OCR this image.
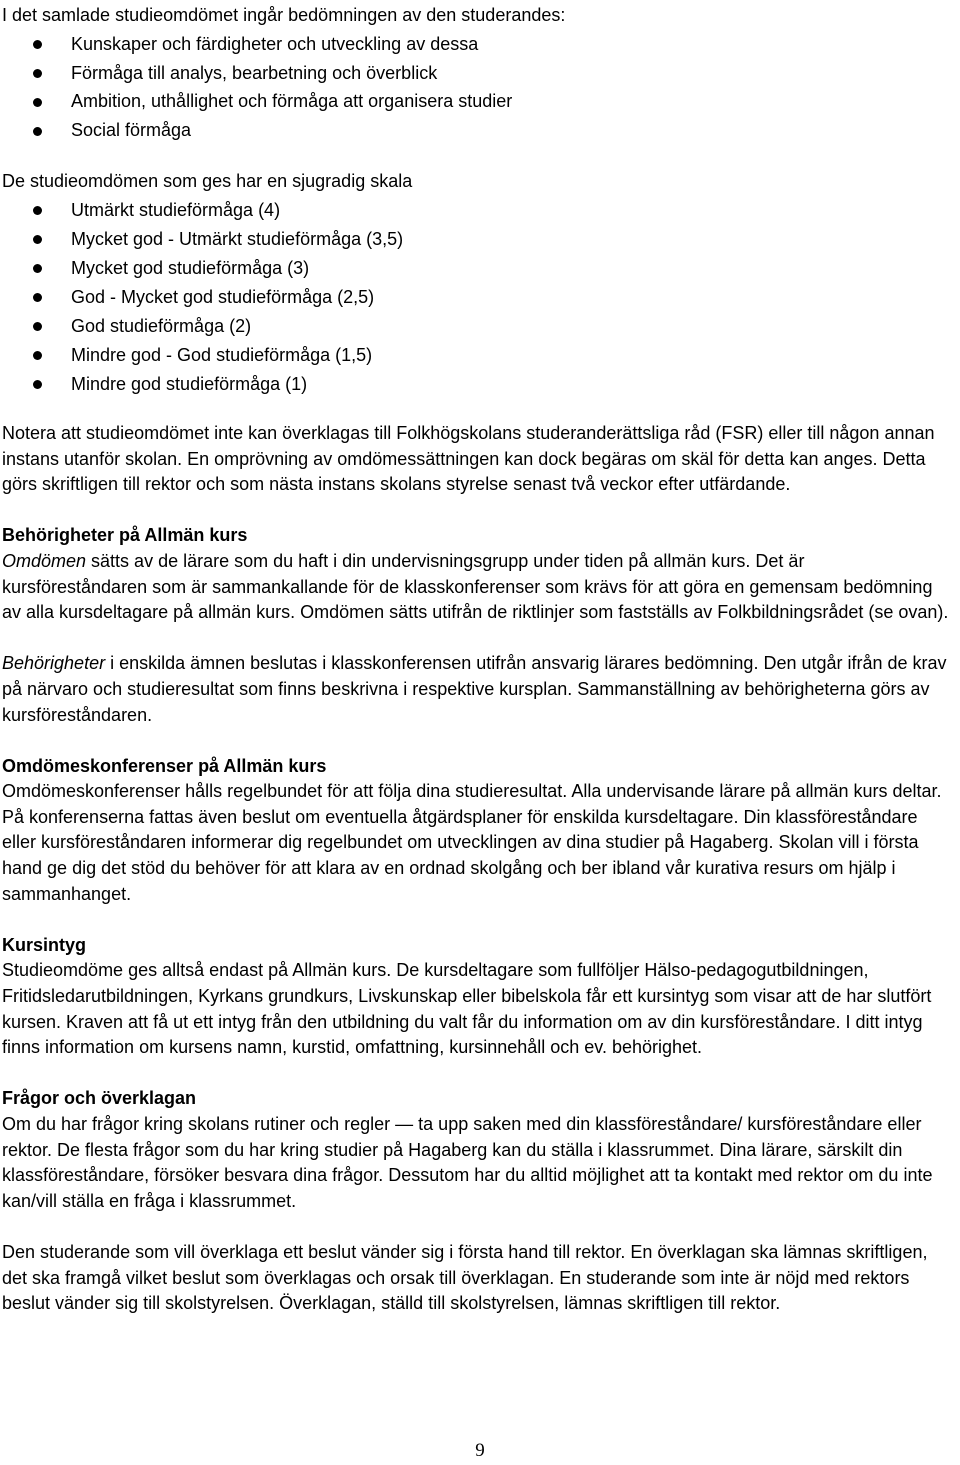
I det samlade studieomdömet ingår bedömningen av den studerandes:

Kunskaper och färdigheter och utveckling av dessa
Förmåga till analys, bearbetning och överblick
Ambition, uthållighet och förmåga att organisera studier
Social förmåga

De studieomdömen som ges har en sjugradig skala

Utmärkt studieförmåga (4)
Mycket god - Utmärkt studieförmåga (3,5)
Mycket god studieförmåga (3)
God - Mycket god studieförmåga (2,5)
God studieförmåga (2)
Mindre god - God studieförmåga (1,5)
Mindre god studieförmåga (1)

Notera att studieomdömet inte kan överklagas till Folkhögskolans studeranderättsliga råd (FSR) eller till någon annan instans utanför skolan. En omprövning av omdömessättningen kan dock begäras om skäl för detta kan anges. Detta görs skriftligen till rektor och som nästa instans skolans styrelse senast två veckor efter utfärdande.

Behörigheter på Allmän kurs

Omdömen sätts av de lärare som du haft i din undervisningsgrupp under tiden på allmän kurs. Det är kursföreståndaren som är sammankallande för de klasskonferenser som krävs för att göra en gemensam bedömning av alla kursdeltagare på allmän kurs. Omdömen sätts utifrån de riktlinjer som fastställs av Folkbildningsrådet (se ovan).

Behörigheter i enskilda ämnen beslutas i klasskonferensen utifrån ansvarig lärares bedömning. Den utgår ifrån de krav på närvaro och studieresultat som finns beskrivna i respektive kursplan. Sammanställning av behörigheterna görs av kursföreståndaren.

Omdömeskonferenser på Allmän kurs

Omdömeskonferenser hålls regelbundet för att följa dina studieresultat. Alla undervisande lärare på allmän kurs deltar. På konferenserna fattas även beslut om eventuella åtgärdsplaner för enskilda kursdeltagare. Din klassföreståndare eller kursföreståndaren informerar dig regelbundet om utvecklingen av dina studier på Hagaberg. Skolan vill i första hand ge dig det stöd du behöver för att klara av en ordnad skolgång och ber ibland vår kurativa resurs om hjälp i sammanhanget.

Kursintyg

Studieomdöme ges alltså endast på Allmän kurs. De kursdeltagare som fullföljer Hälso-pedagogutbildningen, Fritidsledarutbildningen, Kyrkans grundkurs, Livskunskap eller bibelskola får ett kursintyg som visar att de har slutfört kursen. Kraven att få ut ett intyg från den utbildning du valt får du information om av din kursföreståndare. I ditt intyg finns information om kursens namn, kurstid, omfattning, kursinnehåll och ev. behörighet.

Frågor och överklagan

Om du har frågor kring skolans rutiner och regler — ta upp saken med din klassföreståndare/ kursföreståndare eller rektor. De flesta frågor som du har kring studier på Hagaberg kan du ställa i klassrummet. Dina lärare, särskilt din klassföreståndare, försöker besvara dina frågor. Dessutom har du alltid möjlighet att ta kontakt med rektor om du inte kan/vill ställa en fråga i klassrummet.

Den studerande som vill överklaga ett beslut vänder sig i första hand till rektor. En överklagan ska lämnas skriftligen, det ska framgå vilket beslut som överklagas och orsak till överklagan. En studerande som inte är nöjd med rektors beslut vänder sig till skolstyrelsen. Överklagan, ställd till skolstyrelsen, lämnas skriftligen till rektor.

9
